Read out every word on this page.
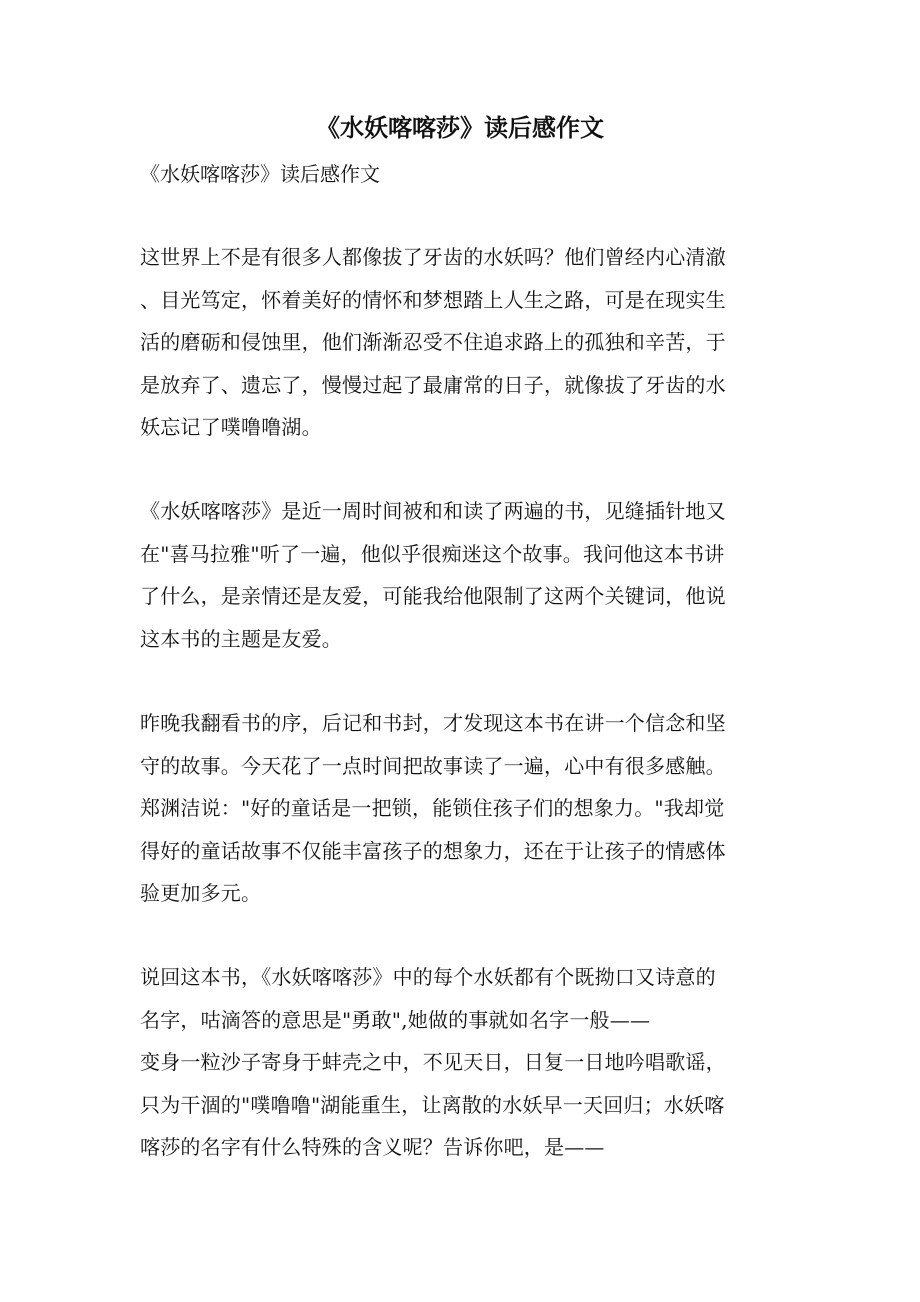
《水妖喀喀莎》读后感作文

《水妖喀喀莎》读后感作文

这世界上不是有很多人都像拔了牙齿的水妖吗？他们曾经内心清澈
、目光笃定，怀着美好的情怀和梦想踏上人生之路，可是在现实生
活的磨砺和侵蚀里，他们渐渐忍受不住追求路上的孤独和辛苦，于
是放弃了、遗忘了，慢慢过起了最庸常的日子，就像拔了牙齿的水
妖忘记了噗噜噜湖。

《水妖喀喀莎》是近一周时间被和和读了两遍的书，见缝插针地又
在"喜马拉雅"听了一遍，他似乎很痴迷这个故事。我问他这本书讲
了什么，是亲情还是友爱，可能我给他限制了这两个关键词，他说
这本书的主题是友爱。

昨晚我翻看书的序，后记和书封，才发现这本书在讲一个信念和坚
守的故事。今天花了一点时间把故事读了一遍，心中有很多感触。
郑渊洁说："好的童话是一把锁，能锁住孩子们的想象力。"我却觉
得好的童话故事不仅能丰富孩子的想象力，还在于让孩子的情感体
验更加多元。

说回这本书，《水妖喀喀莎》中的每个水妖都有个既拗口又诗意的
名字，咕滴答的意思是"勇敢",她做的事就如名字一般——
变身一粒沙子寄身于蚌壳之中，不见天日，日复一日地吟唱歌谣，
只为干涸的"噗噜噜"湖能重生，让离散的水妖早一天回归；水妖喀
喀莎的名字有什么特殊的含义呢？告诉你吧，是——
